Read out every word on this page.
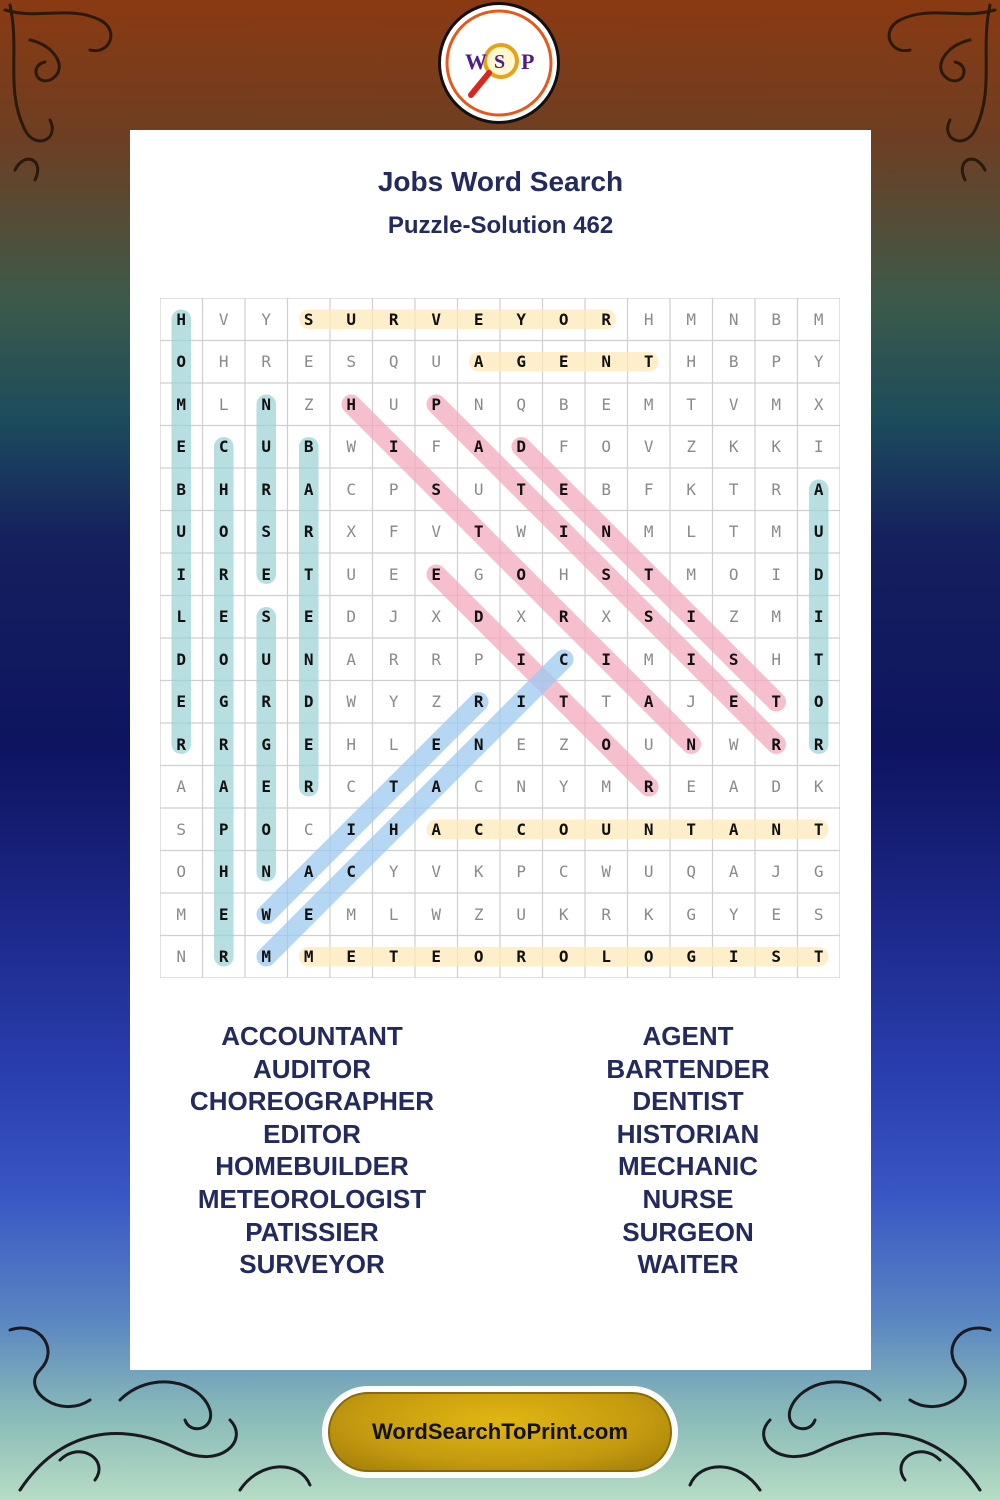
W S P
Jobs Word Search
Puzzle-Solution 462
H	V	Y	S	U	R	V	E	Y	O	R	H	M	N	B	M
O	H	R	E	S	Q	U	A	G	E	N	T	H	B	P	Y
M	L	N	Z	H	U	P	N	Q	B	E	M	T	V	M	X
E	C	U	B	W	I	F	A	D	F	O	V	Z	K	K	I
B	H	R	A	C	P	S	U	T	E	B	F	K	T	R	A
U	O	S	R	X	F	V	T	W	I	N	M	L	T	M	U
I	R	E	T	U	E	E	G	O	H	S	T	M	O	I	D
L	E	S	E	D	J	X	D	X	R	X	S	I	Z	M	I
D	O	U	N	A	R	R	P	I	C	I	M	I	S	H	T
E	G	R	D	W	Y	Z	R	I	T	T	A	J	E	T	O
R	R	G	E	H	L	E	N	E	Z	O	U	N	W	R	R
A	A	E	R	C	T	A	C	N	Y	M	R	E	A	D	K
S	P	O	C	I	H	A	C	C	O	U	N	T	A	N	T
O	H	N	A	C	Y	V	K	P	C	W	U	Q	A	J	G
M	E	W	E	M	L	W	Z	U	K	R	K	G	Y	E	S
N	R	M	M	E	T	E	O	R	O	L	O	G	I	S	T
ACCOUNTANT
AUDITOR
CHOREOGRAPHER
EDITOR
HOMEBUILDER
METEOROLOGIST
PATISSIER
SURVEYOR
AGENT
BARTENDER
DENTIST
HISTORIAN
MECHANIC
NURSE
SURGEON
WAITER
WordSearchToPrint.com
